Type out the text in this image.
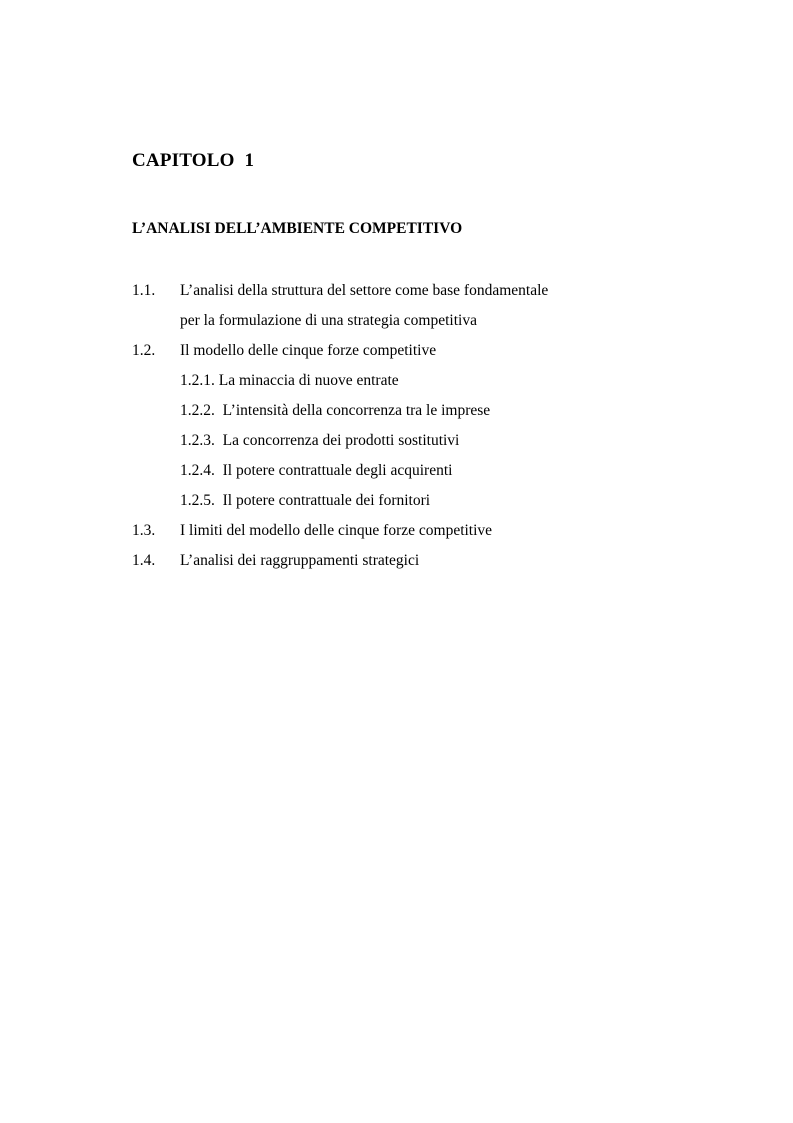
CAPITOLO  1
L’ANALISI DELL’AMBIENTE COMPETITIVO
1.1. L’analisi della struttura del settore come base fondamentale
per la formulazione di una strategia competitiva
1.2. Il modello delle cinque forze competitive
1.2.1. La minaccia di nuove entrate
1.2.2.  L’intensità della concorrenza tra le imprese
1.2.3.  La concorrenza dei prodotti sostitutivi
1.2.4.  Il potere contrattuale degli acquirenti
1.2.5.  Il potere contrattuale dei fornitori
1.3. I limiti del modello delle cinque forze competitive
1.4. L’analisi dei raggruppamenti strategici
